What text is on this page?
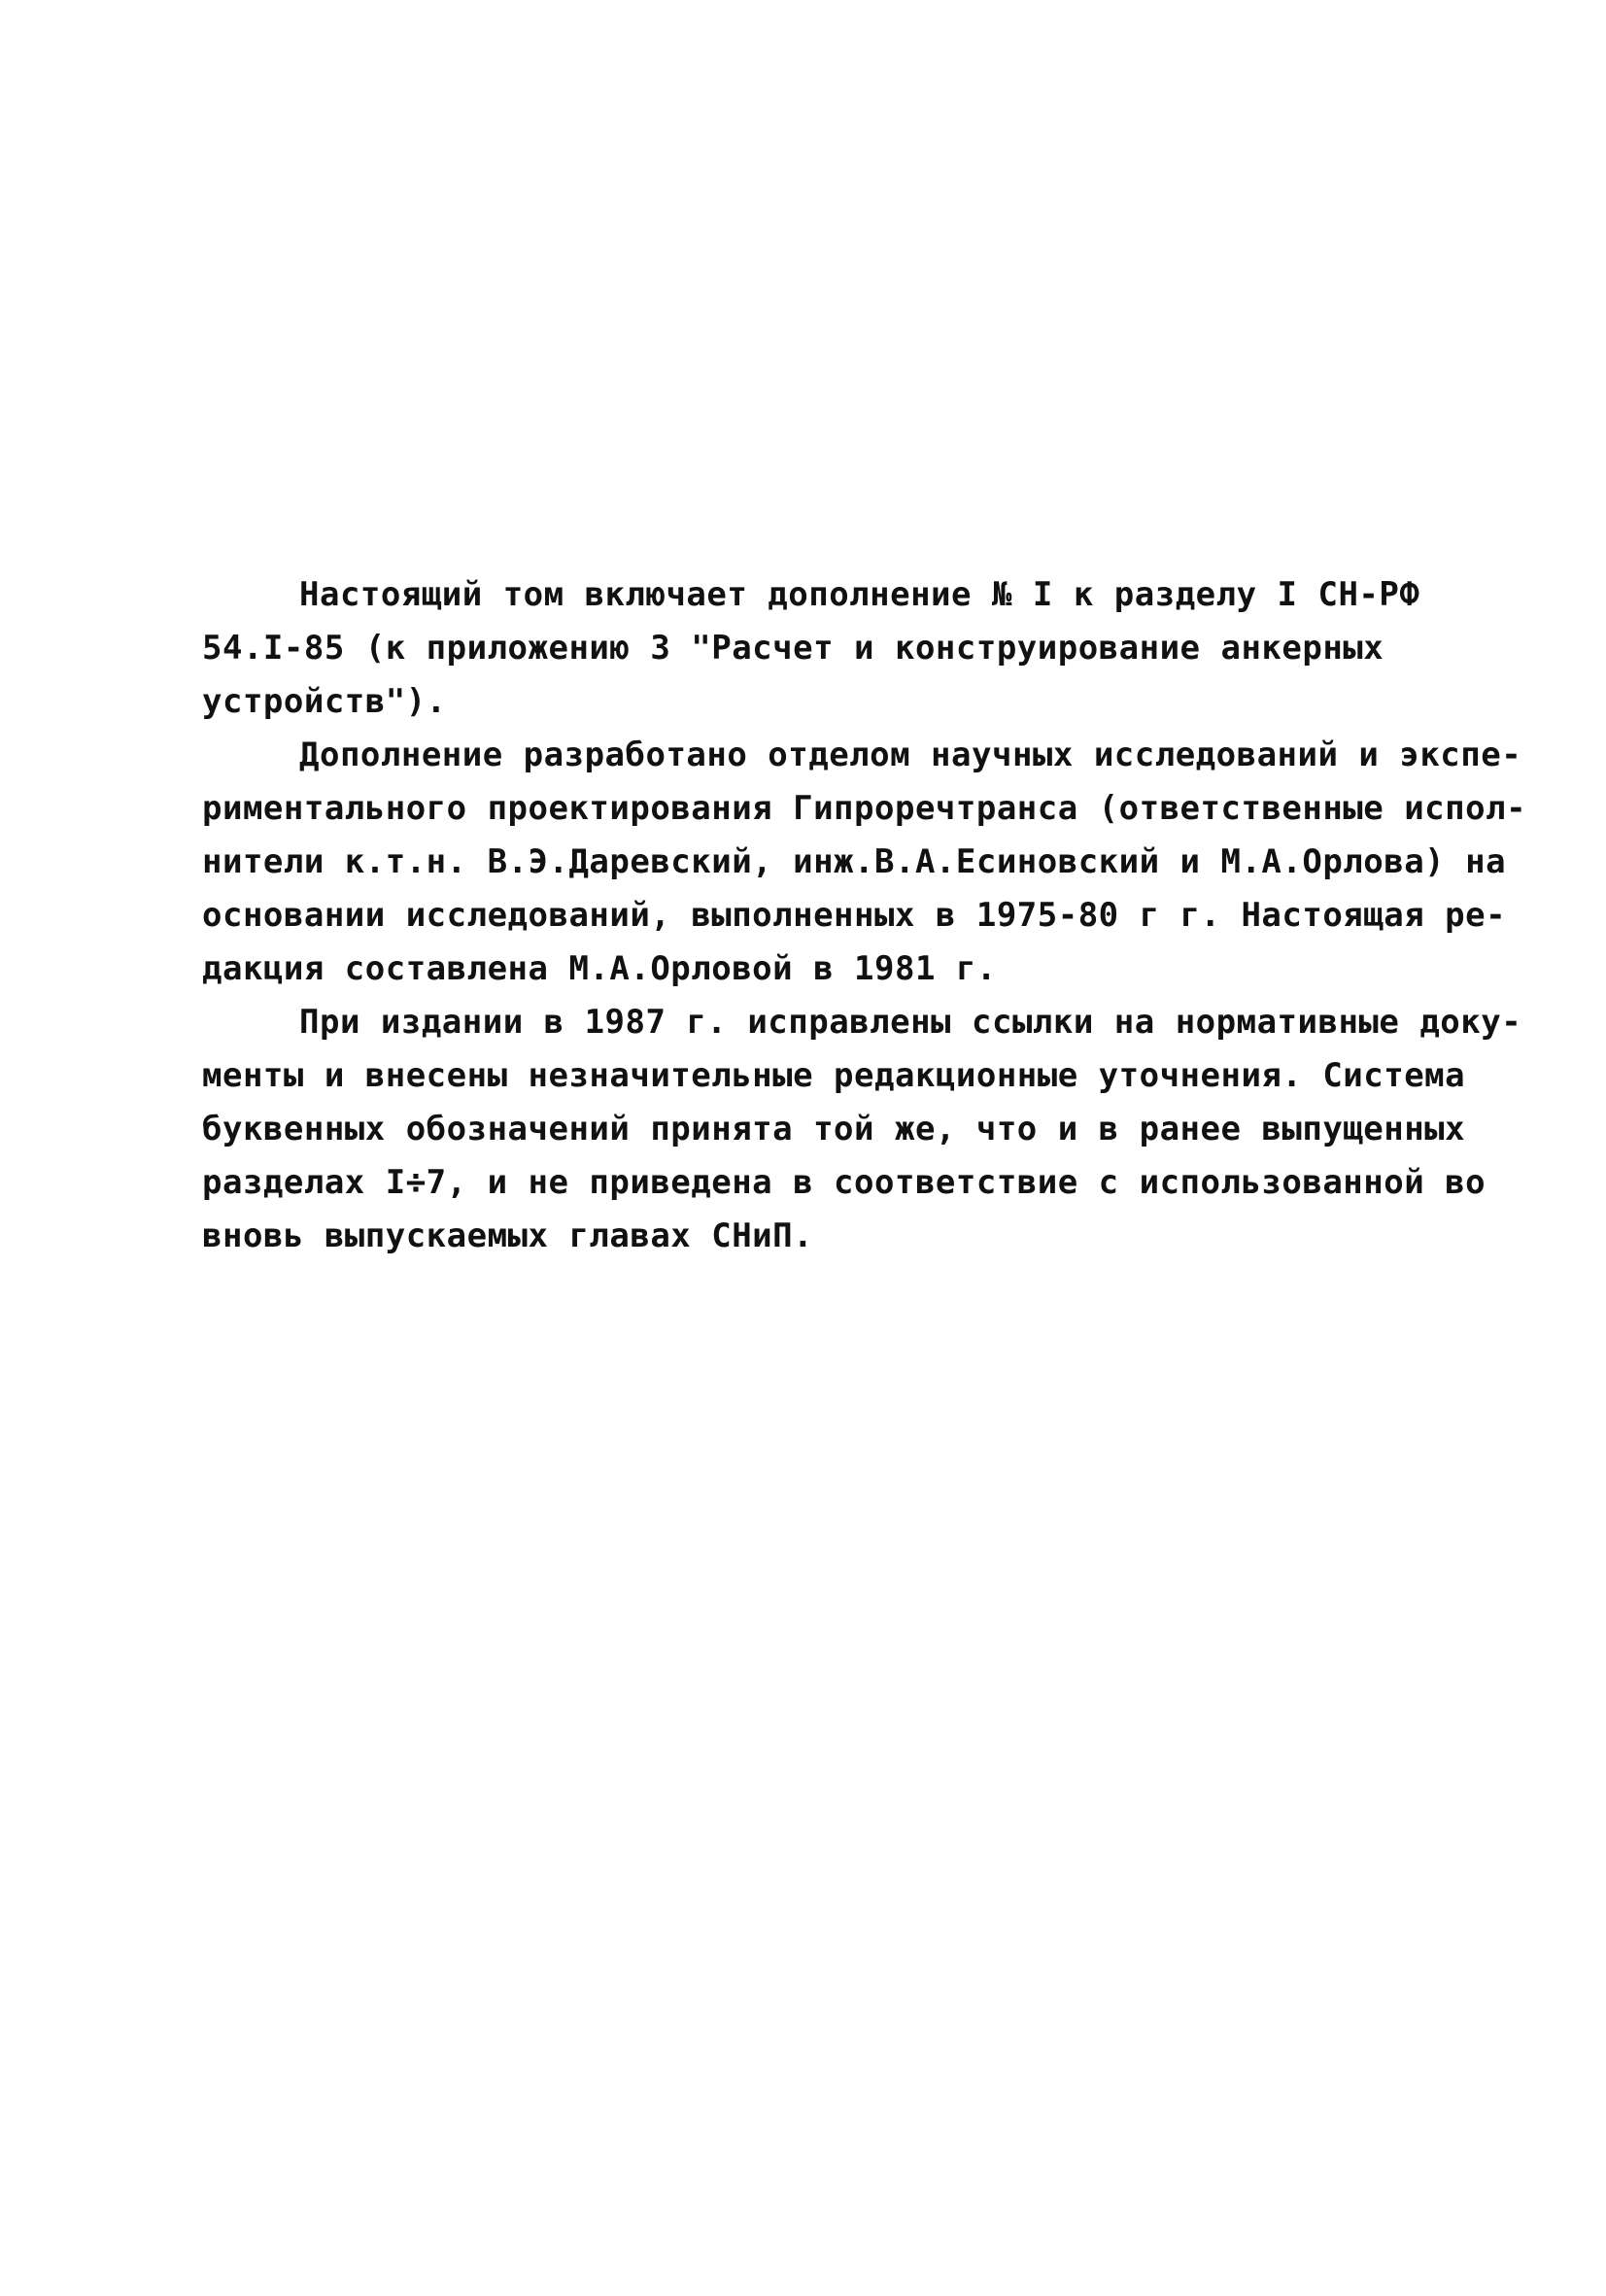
Настоящий том включает дополнение № I к разделу I СН-РФ
54.I-85 (к приложению 3 "Расчет и конструирование анкерных
устройств").
Дополнение разработано отделом научных исследований и экспе-
риментального проектирования Гипроречтранса (ответственные испол-
нители к.т.н. В.Э.Даревский, инж.В.А.Есиновский и М.А.Орлова) на
основании исследований, выполненных в 1975-80 г г. Настоящая ре-
дакция составлена М.А.Орловой в 1981 г.
При издании в 1987 г. исправлены ссылки на нормативные доку-
менты и внесены незначительные редакционные уточнения. Система
буквенных обозначений принята той же, что и в ранее выпущенных
разделах I÷7, и не приведена в соответствие с использованной во
вновь выпускаемых главах СНиП.
